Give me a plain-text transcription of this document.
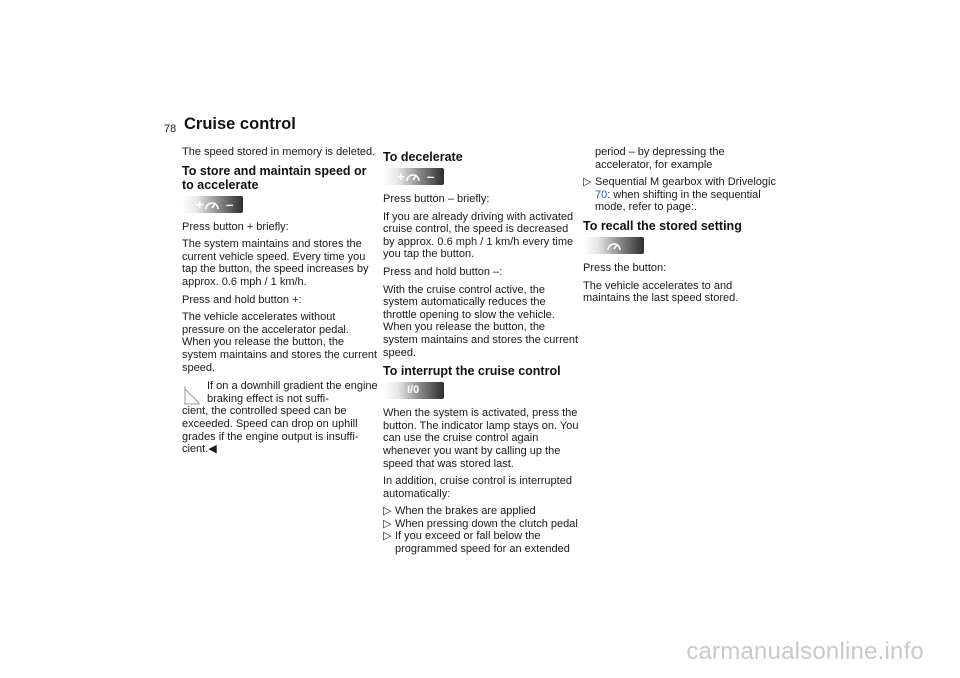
78 Cruise control

The speed stored in memory is deleted.

To store and maintain speed or to accelerate
+ –

Press button + briefly:

The system maintains and stores the current vehicle speed. Every time you tap the button, the speed increases by approx. 0.6 mph / 1 km/h.

Press and hold button +:

The vehicle accelerates without pressure on the accelerator pedal. When you release the button, the system maintains and stores the current speed.

If on a downhill gradient the engine braking effect is not suffi-
cient, the controlled speed can be exceeded. Speed can drop on uphill grades if the engine output is insuffi-cient.◀
To decelerate
+ –

Press button – briefly:

If you are already driving with activated cruise control, the speed is decreased by approx. 0.6 mph / 1 km/h every time you tap the button.

Press and hold button –:

With the cruise control active, the system automatically reduces the throttle opening to slow the vehicle. When you release the button, the system maintains and stores the current speed.

To interrupt the cruise control
I/0

When the system is activated, press the button. The indicator lamp stays on. You can use the cruise control again whenever you want by calling up the speed that was stored last.

In addition, cruise control is interrupted automatically:

▷ When the brakes are applied
▷ When pressing down the clutch pedal
▷ If you exceed or fall below the programmed speed for an extended

period – by depressing the accelerator, for example

▷ Sequential M gearbox with Drivelogic 70: when shifting in the sequential mode, refer to page:.
To recall the stored setting

Press the button:

The vehicle accelerates to and maintains the last speed stored.

carmanualsonline.info
